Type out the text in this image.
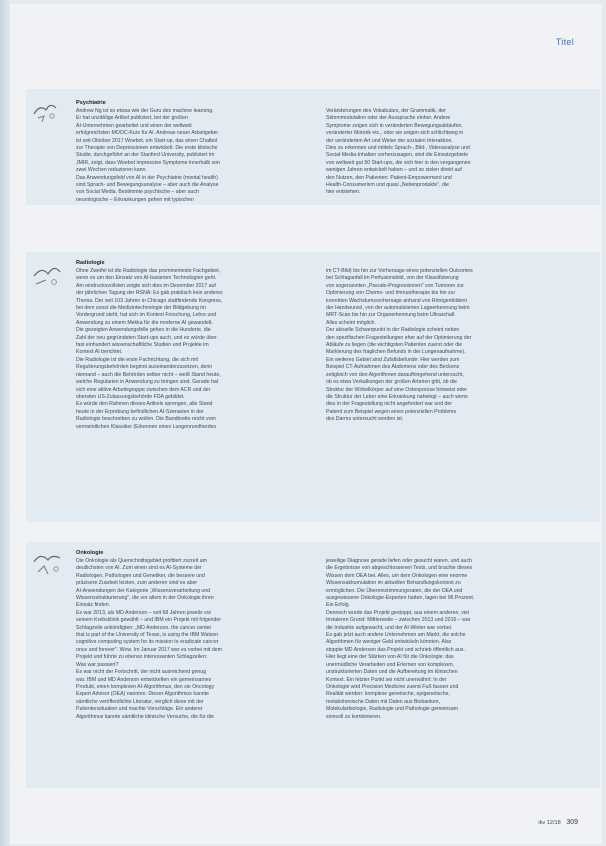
Titel
Psychiatrie

Andrew Ng ist so etwas wie der Guru des machine learning.

Er hat unzählige Artikel publiziert, bei der großen

AI-Unternehmen gearbeitet und einen der weltweit

erfolgreichsten MOOC-Kurs für AI. Andreas neuer Arbeitgeber

ist seit Oktober 2017 Woebot, ein Start-up, das einen Chatbot

zur Therapie von Depressionen entwickelt. Die erste klinische

Studie, durchgeführt an der Stanford University, publiziert im

JMIR, zeigt, dass Woebot impressive Symptome innerhalb von

zwei Wochen reduzieren kann.

Das Anwendungsfeld von AI in der Psychiatrie (mental health)

sind Sprach- und Bewegungsanalyse – aber auch die Analyse

von Social Media. Bestimmte psychische – aber auch

neurologische – Erkrankungen gehen mit typischen

Veränderungen des Vokabulars, der Grammatik, der

Stimmmodulation oder der Aussprache einher. Andere

Symptome zeigen sich in veränderten Bewegungsabläufen,

veränderter Motorik etc., oder sie zeigen sich schlichtweg in

der veränderten Art und Weise der sozialen Interaktion.

Dies zu erkennen und mittels Sprach-, Bild-, Videoanalyse und

Social-Media-Inhalten vorherzusagen, sind die Einsatzgebiete

von weltweit gut 50 Start-ups, die sich hier in den vergangenen

wenigen Jahren entwickelt haben – und so zielen direkt auf

den Nutzen, den Patienten: Patient-Empowerment und

Health-Consumerism und quasi „Nebenprodukte", die

hier entstehen.

Radiologie

Ohne Zweifel ist die Radiologie das prominenteste Fachgebiet,

wenn es um den Einsatz von AI-basierten Technologien geht.

Am eindrucksvollsten zeigte sich dies im Dezember 2017 auf

der jährlichen Tagung der RSNA: Es gab praktisch kein anderes

Thema. Der seit 103 Jahren in Chicago stattfindende Kongress,

bei dem sonst die Medizintechnologie der Bildgebung im

Vordergrund steht, hat sich im Kontext Forschung, Lehre und

Anwendung zu einem Mekka für die moderne AI gewandelt.

Die gezeigten Anwendungsfelle gehen in die Hunderte, die

Zahl der neu gegründeten Start-ups auch, und es würde über

fast einhundert wissenschaftliche Studien und Projekte im

Kontext AI berichtet.

Die Radiologie ist die erste Fachrichtung, die sich mit

Regulierungsbehörden beginnt auseinanderzusetzen, denn

niemand – auch die Behörden selber nicht – weiß Stand heute,

welche Regularien in Anwendung zu bringen sind. Gerade hat

sich eine aktive Arbeitsgruppe zwischen dem ACR und der

obersten US-Zulassungsbehörde FDA gebildet.

Es würde den Rahmen dieses Artikels sprengen, alle Stand

heute in der Erprobung befindlichen AI-Szenarien in der

Radiologie beschreiben zu wollen. Die Bandbreite reicht vom

vermeintlichen Klassiker (Erkennen eines Lungenrundherdes

im CT-Bild) bis hin zur Vorhersage eines potenziellen Outcomes

bei Schlaganfall im Perfusionsbild, von der Klassifizierung

von sogenannten „Pseudo-Progressionen" von Tumoren zur

Optimierung von Chemo- und Immuntherapie bis hin zur

korrekten Wachstumsvorhersage anhand von Röntgenbildern

der Handwurzel, von der automatisierten Lageerkennung beim

MRT-Scan bis hin zur Organerkennung beim Ultraschall.

Alles scheint möglich.

Der aktuelle Schwerpunkt in der Radiologie scheint neben

den spezifischen Fragestellungen eher auf der Optimierung der

Abläufe zu liegen (die wichtigsten Patienten zuerst oder die

Markierung des fraglichen Befunds in der Lungenaufnahme).

Ein weiteres Gebiet sind Zufallsbefunde: Hier werden zum

Beispiel CT-Aufnahmen des Abdomens oder des Beckens

zeitgleich von den Algorithmen daraufhingehend untersucht,

ob es etwa Verkalkungen der großen Arterien gibt, ob die

Struktur der Wirbelkörper auf eine Osteoporose hinweist oder

die Struktur der Leber eine Erkrankung nahelegt – auch wenn

dies in der Fragestellung nicht angefordert war und der

Patient zum Beispiel wegen eines potenziellen Problems

des Darms untersucht worden ist.

Onkologie

Die Onkologie als Querschnittsgebiet profitiert zurzeit am

deutlichsten von AI. Zum einen sind es AI-Systeme der

Radiologen, Pathologen und Genetiker, die bessere und

präzisere Zuarbeit leisten, zum anderen sind es aber

AI-Anwendungen der Kategorie „Wissensverarbeitung und

Wissensstrukturierung", die vor allem in der Onkologie ihren

Einsatz finden.

Es war 2013, als MD Anderson – seit 68 Jahren jeweils vor

seinem Krebsklinik gewählt – und IBM ein Projekt mit folgender

Schlagzeile ankündigten: „MD Anderson, the cancer center

that is part of the University of Texas, is using the IBM Watson

cognitive computing system for its mission to eradicate cancer

once and forever". Wow. Im Januar 2017 war es vorbei mit dem

Projekt und führte zu ebenso interessanten Schlagzeilen:

Was war passiert?

Es war nicht der Fortschritt, der nicht ausreichend genug

war. IBM und MD Anderson entwickelten ein gemeinsames

Produkt, einen komplexen AI-Algorithmus, den sie Oncology

Expert Advisor (OEA) nannten. Dieser Algorithmus kannte

sämtliche veröffentlichte Literatur, verglich diese mit der

Patientensituation und machte Vorschläge. Ein anderer

Algorithmus kannte sämtliche klinische Versuche, die für die

jeweilige Diagnose gerade liefen oder gesucht waren, und auch

die Ergebnisse von abgeschlossenen Tests, und brachte dieses

Wissen dem OEA bei. Alles, um dem Onkologen eine enorme

Wissensakkumulation im aktuellen Behandlungskontext zu

ermöglichen. Die Übereinstimmungsraten, die der OEA und

ausgewiesene Onkologie-Experten hatten, lagen bei 96 Prozent.

Ein Erfolg.

Dennoch wurde das Projekt gestoppt, aus einem anderen, viel

trivialeren Grund: Mittlerweile – zwischen 2013 und 2016 – war

die Industrie aufgewacht, und der AI-Winter war vorbei.

Es gab jetzt auch andere Unternehmen am Markt, die solche

Algorithmen für weniger Geld entwickeln könnten. Also

stoppte MD Anderson das Projekt und schrieb öffentlich aus.

Hier liegt eine der Stärken von AI für die Onkologie: das

unermüdliche Verarbeiten und Erlernen von komplexen,

unstrukturierten Daten und die Aufbereitung im klinischen

Kontext. Ein letzter Punkt sei nicht unerwähnt: In der

Onkologie wird Precision Medicine zuerst Fuß fassen und

Realität werden: komplexe genetische, epigenetische,

metabolomische Daten mit Daten aus Biobanken,

Molekularbiologie, Radiologie und Pathologie gemeinsam

sinnvoll zu kombinieren.

ikv 12/18 309
